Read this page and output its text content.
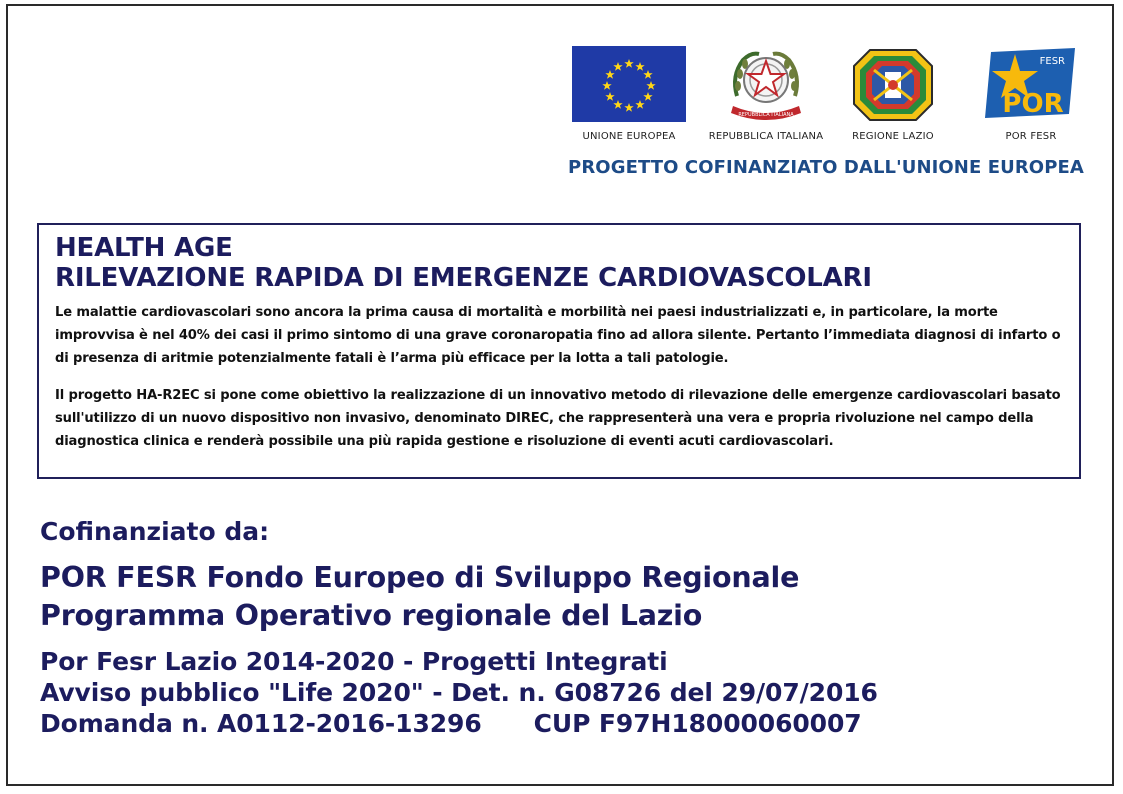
UNIONE EUROPEA
REPUBBLICA ITALIANA
REPUBBLICA ITALIANA	REGIONE LAZIO
FESR
POR
POR FESR
PROGETTO COFINANZIATO DALL'UNIONE EUROPEA
HEALTH AGE
RILEVAZIONE RAPIDA DI EMERGENZE CARDIOVASCOLARI

Le malattie cardiovascolari sono ancora la prima causa di mortalità e morbilità nei paesi industrializzati e, in particolare, la morte improvvisa è nel 40% dei casi il primo sintomo di una grave coronaropatia fino ad allora silente. Pertanto l’immediata diagnosi di infarto o di presenza di aritmie potenzialmente fatali è l’arma più efficace per la lotta a tali patologie.

Il progetto HA-R2EC si pone come obiettivo la realizzazione di un innovativo metodo di rilevazione delle emergenze cardiovascolari basato sull'utilizzo di un nuovo dispositivo non invasivo, denominato DIREC, che rappresenterà una vera e propria rivoluzione nel campo della diagnostica clinica e renderà possibile una più rapida gestione e risoluzione di eventi acuti cardiovascolari.

Cofinanziato da:
POR FESR Fondo Europeo di Sviluppo Regionale
Programma Operativo regionale del Lazio
Por Fesr Lazio 2014-2020 - Progetti Integrati
Avviso pubblico "Life 2020" - Det. n. G08726 del 29/07/2016
Domanda n. A0112-2016-13296 CUP F97H18000060007
